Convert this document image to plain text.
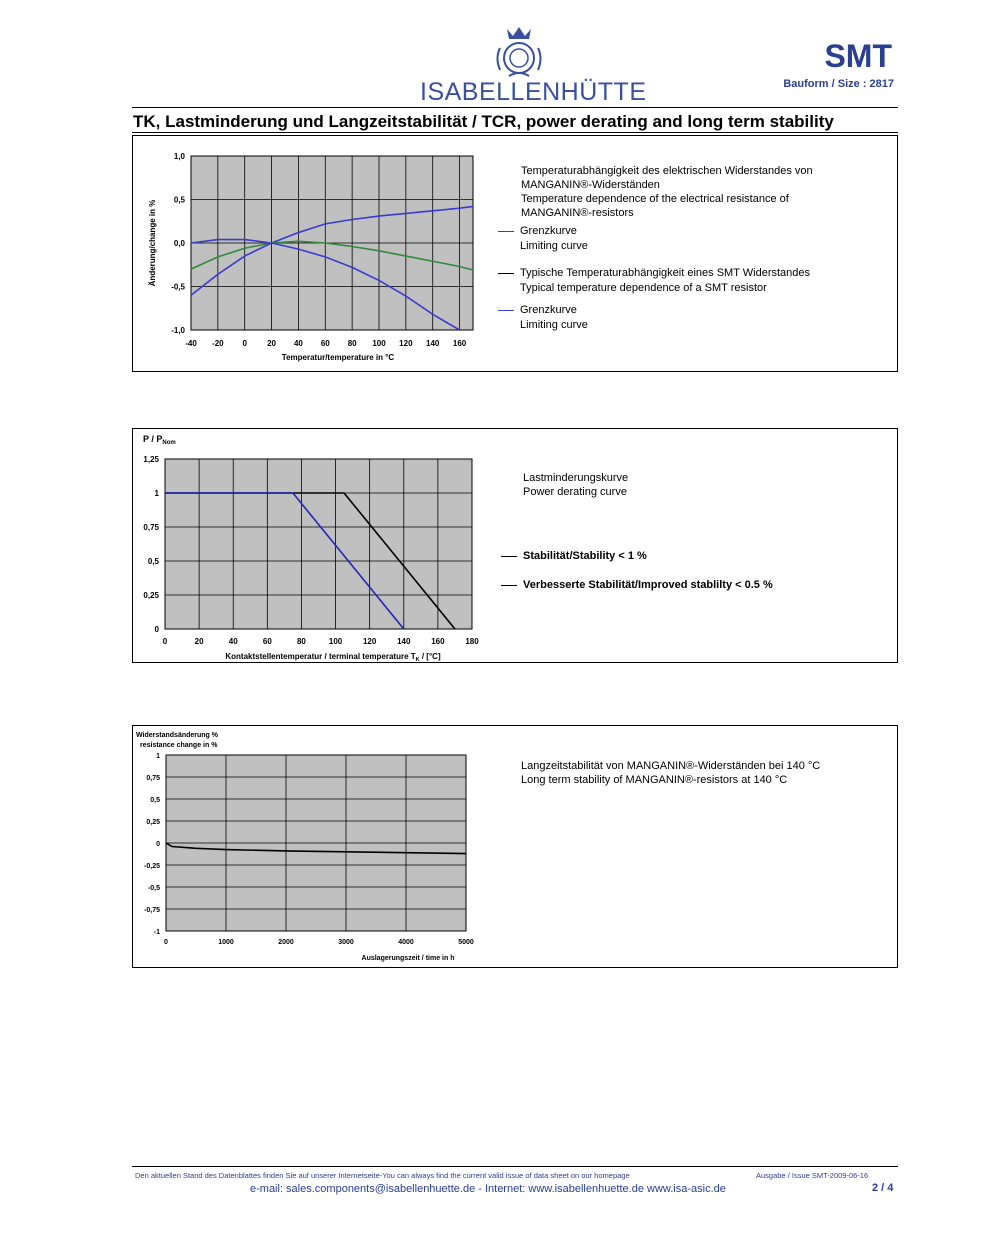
ISABELLENHÜTTE
SMT
Bauform / Size : 2817
TK, Lastminderung und Langzeitstabilität / TCR, power derating and long term stability
-40 -20 0	20 40 60 80 100 120 140 160
1,0
0,5
0,0
-0,5
-1,0
Änderung/change in %
Temperatur/temperature in °C
Temperaturabhängigkeit des elektrischen Widerstandes von
MANGANIN®-Widerständen
Temperature dependence of the electrical resistance of
MANGANIN®-resistors
Grenzkurve
Limiting curve
Typische Temperaturabhängigkeit eines SMT Widerstandes
Typical temperature dependence of a SMT resistor
Grenzkurve
Limiting curve
0	20	40	60	80	100	120	140	160	180
1,25
1
0,75
0,5
0,25
0
P / $P_{Nom}$
Kontaktstellentemperatur / terminal temperature $T_K / [^\circ C]$
Lastminderungskurve
Power derating curve
Stabilität/Stability < 1 %
Verbesserte Stabilität/Improved stablilty < 0.5 %
0	1000	2000	3000	4000	5000
1
0,75
0,5
0,25
0
-0,25
-0,5
-0,75
-1
Widerstandsänderung %
resistance change in %
Auslagerungszeit / time in h
Langzeitstabilität von MANGANIN®-Widerständen bei 140 °C
Long term stability of MANGANIN®-resistors at 140 °C
Den aktuellen Stand des Datenblattes finden Sie auf unserer Internetseite-You can always find the current valid issue of data sheet on our homepage	Ausgabe / Issue SMT-2009-06-16
e-mail: sales.components@isabellenhuette.de - Internet: www.isabellenhuette.de www.isa-asic.de	2 / 4
